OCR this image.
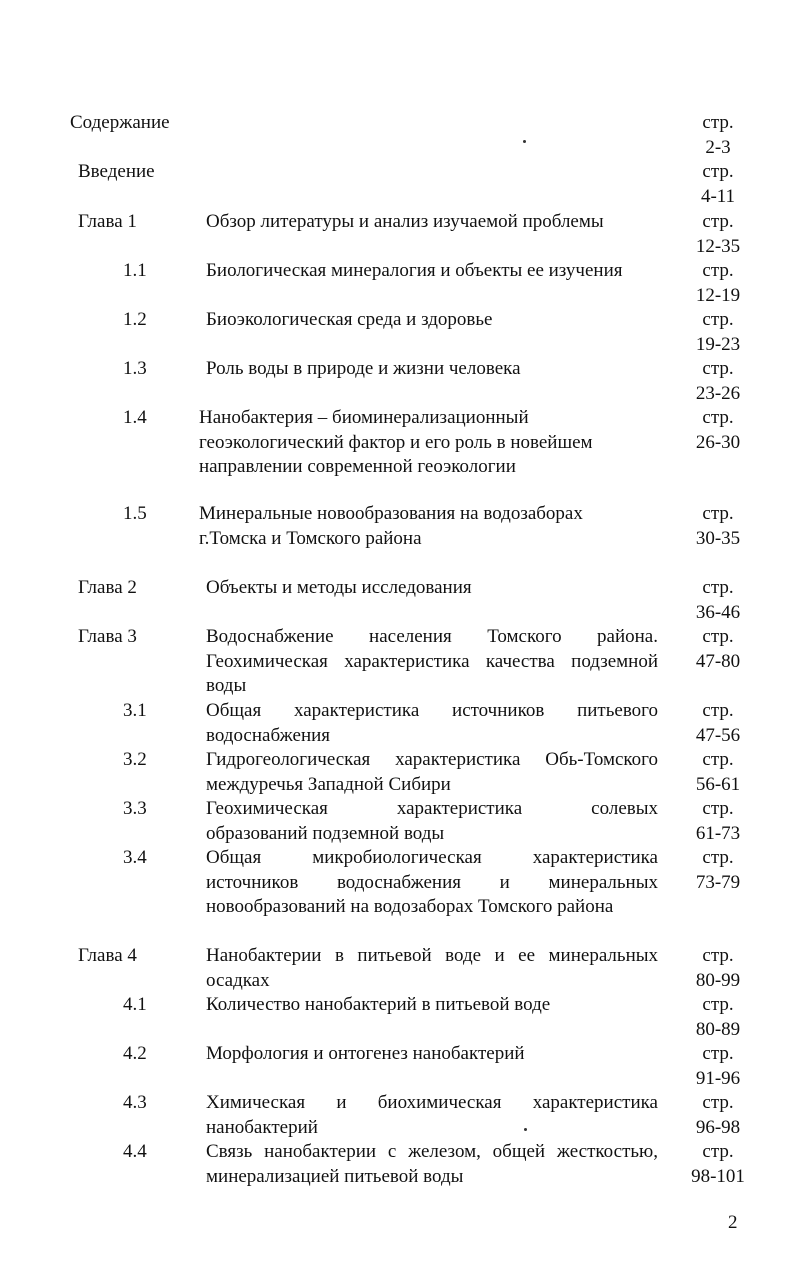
Содержание	стр.
2-3
Введение	стр.
4-11
Глава 1	Обзор литературы и анализ изучаемой проблемы	стр.
12-35
1.1	Биологическая минералогия и объекты ее изучения	стр.
12-19
1.2	Биоэкологическая среда и здоровье	стр.
19-23
1.3	Роль воды в природе и жизни человека	стр.
23-26
1.4	Нанобактерия – биоминерализационный

геоэкологический фактор и его роль в новейшем

направлении современной геоэкологии

стр.
26-30
1.5	Минеральные новообразования на водозаборах

г.Томска и Томского района

стр.
30-35
Глава 2	Объекты и методы исследования	стр.
36-46
Глава 3	Водоснабжение населения Томского района.

Геохимическая характеристика качества подземной

воды

стр.
47-80
3.1	Общая характеристика источников питьевого

водоснабжения

стр.
47-56
3.2	Гидрогеологическая характеристика Обь-Томского

междуречья Западной Сибири

стр.
56-61
3.3	Геохимическая характеристика солевых

образований подземной воды

стр.
61-73
3.4	Общая микробиологическая характеристика

источников водоснабжения и минеральных

новообразований на водозаборах Томского района

стр.
73-79
Глава 4	Нанобактерии в питьевой воде и ее минеральных

осадках

стр.
80-99
4.1	Количество нанобактерий в питьевой воде	стр.
80-89
4.2	Морфология и онтогенез нанобактерий	стр.
91-96
4.3	Химическая и биохимическая характеристика

нанобактерий

стр.
96-98
4.4	Связь нанобактерии с железом, общей жесткостью,

минерализацией питьевой воды

стр.
98-101
2
